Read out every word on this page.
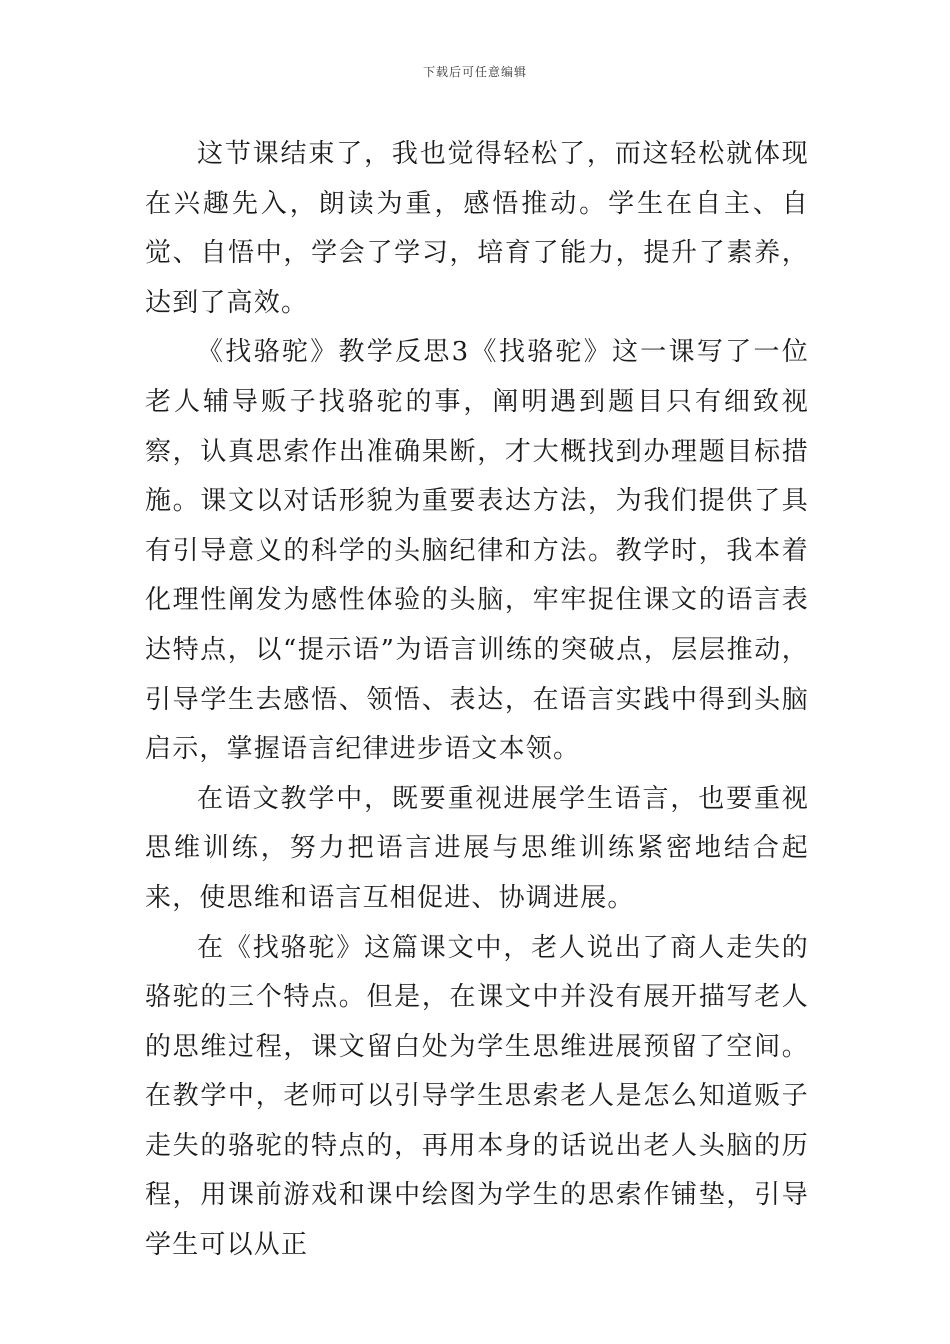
下载后可任意编辑

这节课结束了，我也觉得轻松了，而这轻松就体现在兴趣先入，朗读为重，感悟推动。学生在自主、自觉、自悟中，学会了学习，培育了能力，提升了素养，达到了高效。

《找骆驼》教学反思3《找骆驼》这一课写了一位老人辅导贩子找骆驼的事，阐明遇到题目只有细致视察，认真思索作出准确果断，才大概找到办理题目标措施。课文以对话形貌为重要表达方法，为我们提供了具有引导意义的科学的头脑纪律和方法。教学时，我本着化理性阐发为感性体验的头脑，牢牢捉住课文的语言表达特点，以“提示语”为语言训练的突破点，层层推动，引导学生去感悟、领悟、表达，在语言实践中得到头脑启示，掌握语言纪律进步语文本领。

在语文教学中，既要重视进展学生语言，也要重视思维训练，努力把语言进展与思维训练紧密地结合起来，使思维和语言互相促进、协调进展。

在《找骆驼》这篇课文中，老人说出了商人走失的骆驼的三个特点。但是，在课文中并没有展开描写老人的思维过程，课文留白处为学生思维进展预留了空间。在教学中，老师可以引导学生思索老人是怎么知道贩子走失的骆驼的特点的，再用本身的话说出老人头脑的历程，用课前游戏和课中绘图为学生的思索作铺垫，引导学生可以从正
